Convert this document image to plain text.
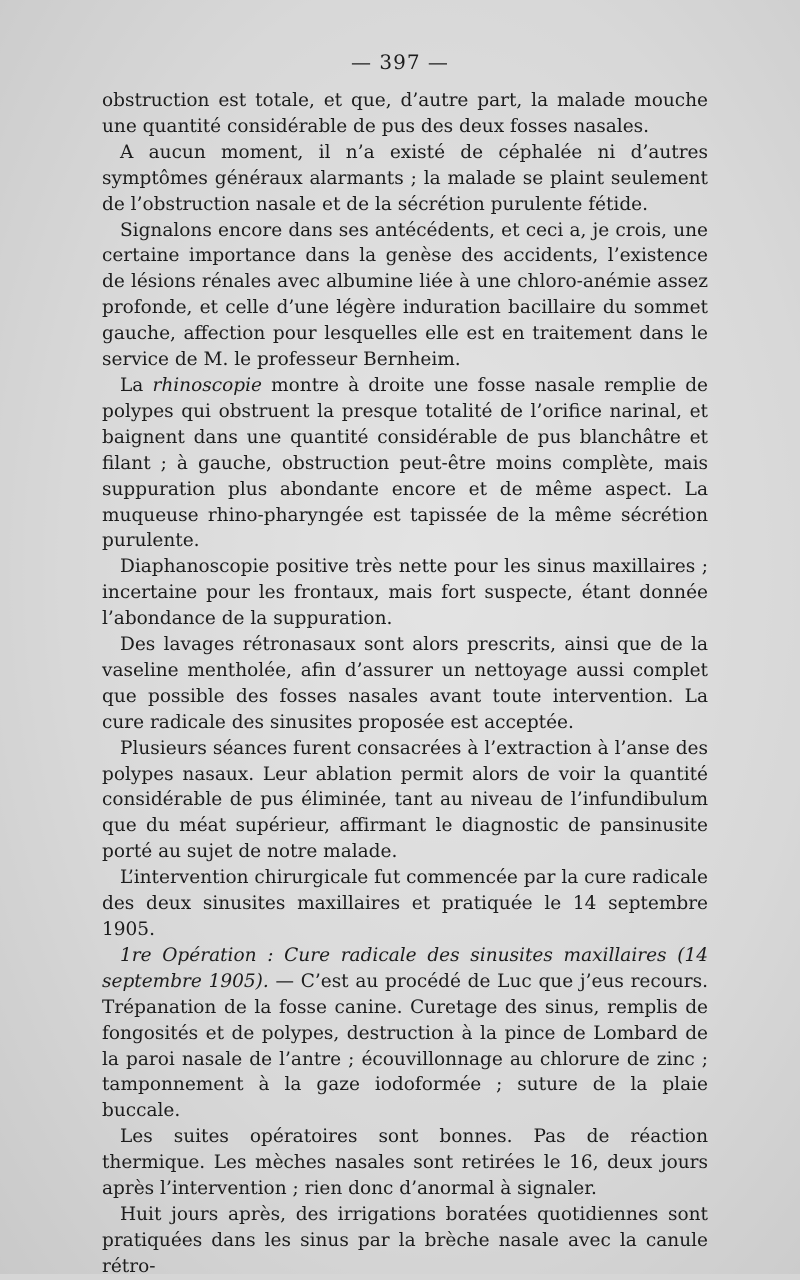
— 397 —

obstruction est totale, et que, d’autre part, la malade mouche une quantité considérable de pus des deux fosses nasales.

A aucun moment, il n’a existé de céphalée ni d’autres symptômes généraux alarmants ; la malade se plaint seulement de l’obstruction nasale et de la sécrétion purulente fétide.

Signalons encore dans ses antécédents, et ceci a, je crois, une certaine importance dans la genèse des accidents, l’existence de lésions rénales avec albumine liée à une chloro-anémie assez profonde, et celle d’une légère induration bacillaire du sommet gauche, affection pour lesquelles elle est en traitement dans le service de M. le professeur Bernheim.

La rhinoscopie montre à droite une fosse nasale remplie de polypes qui obstruent la presque totalité de l’orifice narinal, et baignent dans une quantité considérable de pus blanchâtre et filant ; à gauche, obstruction peut-être moins complète, mais suppuration plus abondante encore et de même aspect. La muqueuse rhino-pharyngée est tapissée de la même sécrétion purulente.

Diaphanoscopie positive très nette pour les sinus maxillaires ; incertaine pour les frontaux, mais fort suspecte, étant donnée l’abondance de la suppuration.

Des lavages rétronasaux sont alors prescrits, ainsi que de la vaseline mentholée, afin d’assurer un nettoyage aussi complet que possible des fosses nasales avant toute intervention. La cure radicale des sinusites proposée est acceptée.

Plusieurs séances furent consacrées à l’extraction à l’anse des polypes nasaux. Leur ablation permit alors de voir la quantité considérable de pus éliminée, tant au niveau de l’infundibulum que du méat supérieur, affirmant le diagnostic de pansinusite porté au sujet de notre malade.

L’intervention chirurgicale fut commencée par la cure radicale des deux sinusites maxillaires et pratiquée le 14 septembre 1905.

1re Opération : Cure radicale des sinusites maxillaires (14 septembre 1905). — C’est au procédé de Luc que j’eus recours. Trépanation de la fosse canine. Curetage des sinus, remplis de fongosités et de polypes, destruction à la pince de Lombard de la paroi nasale de l’antre ; écouvillonnage au chlorure de zinc ; tamponnement à la gaze iodoformée ; suture de la plaie buccale.

Les suites opératoires sont bonnes. Pas de réaction thermique. Les mèches nasales sont retirées le 16, deux jours après l’intervention ; rien donc d’anormal à signaler.

Huit jours après, des irrigations boratées quotidiennes sont pratiquées dans les sinus par la brèche nasale avec la canule rétro-
